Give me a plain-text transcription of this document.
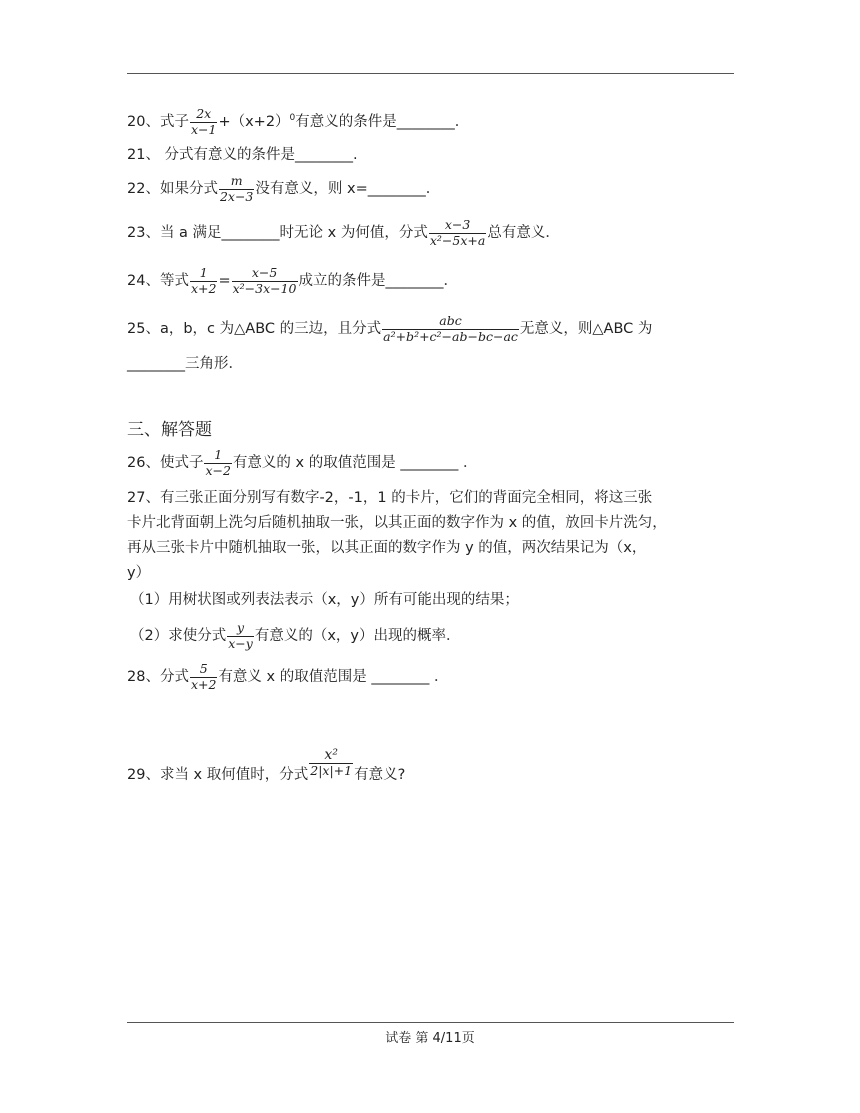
20、式子 $\frac{2x}{x-1} +(x+2)^0$有意义的条件是________．
21、 分式有意义的条件是________.
22、如果分式 $\frac{m}{2x-3}$ 没有意义，则 x=________．
23、当 a 满足________时无论 x 为何值，分式 $\frac{x-3}{\text{x²−5x+a}}$ 总有意义．
24、等式 $\frac{1}{x+2} = \frac{x-5}{\text{x²−3x−10}}$ 成立的条件是________．
25、a，b，c 为△ABC 的三边，且分式 $\frac{\text{abc}}{\text{a²+b²+c²−ab−bc−ac}}$ 无意义，则△ABC 为
________三角形．
三、解答题
26、使式子 $\frac{1}{x-2}$ 有意义的 x 的取值范围是 ________ ．
27、有三张正面分别写有数字-2，-1，1 的卡片，它们的背面完全相同，将这三张
卡片北背面朝上洗匀后随机抽取一张，以其正面的数字作为 x 的值，放回卡片洗匀，
再从三张卡片中随机抽取一张，以其正面的数字作为 y 的值，两次结果记为（x，
y）
（1）用树状图或列表法表示（x，y）所有可能出现的结果；
（2）求使分式 $\frac{y}{x-y}$ 有意义的（x，y）出现的概率．
28、分式 $\frac{5}{x+2}$ 有意义 x 的取值范围是 ________ ．
29、求当 x 取何值时，分式 $\frac{\text{x²}}{2|x|+1}$ 有意义?
试卷 第 4/11页
